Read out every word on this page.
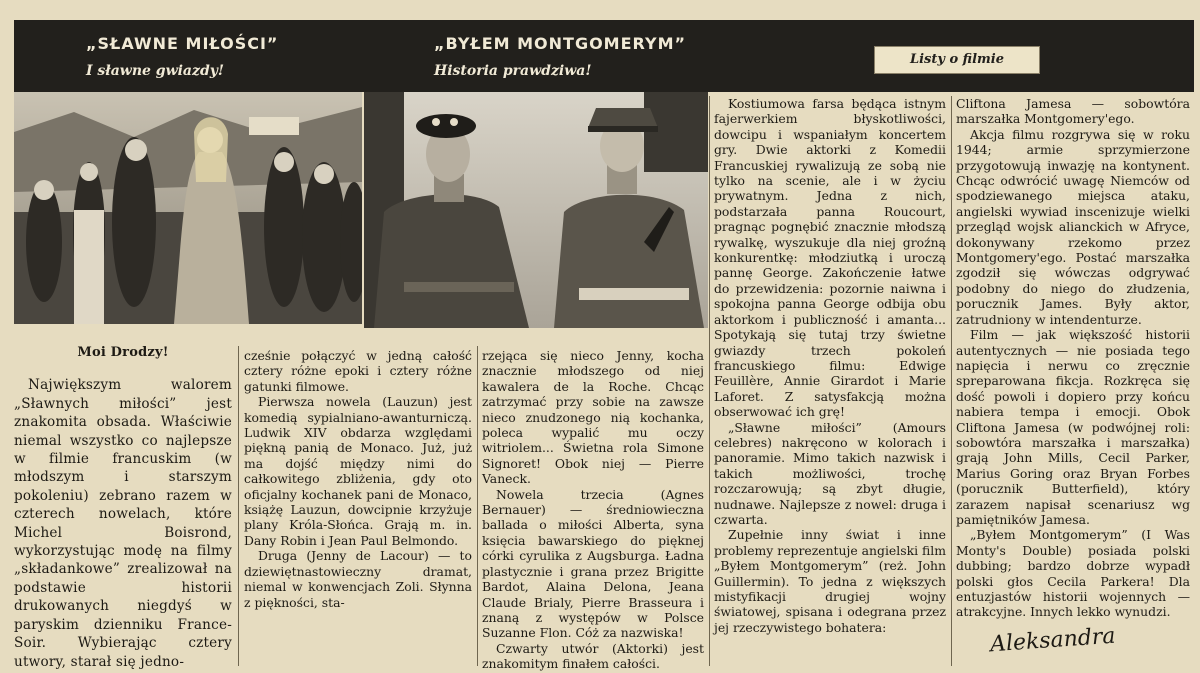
„SŁAWNE MIŁOŚCI”
I sławne gwiazdy!
„BYŁEM MONTGOMERYM”
Historia prawdziwa!
Listy o filmie

Moi Drodzy!

Największym walorem „Sławnych miłości” jest znakomita obsada. Właściwie niemal wszystko co najlepsze w filmie francuskim (w młodszym i starszym pokoleniu) zebrano razem w czterech nowelach, które Michel Boisrond, wykorzystując modę na filmy „składankowe” zrealizował na podstawie historii drukowanych niegdyś w paryskim dzienniku France-Soir. Wybierając cztery utwory, starał się jedno-

cześnie połączyć w jedną całość cztery różne epoki i cztery różne gatunki filmowe.

Pierwsza nowela (Lauzun) jest komedią sypialniano-awanturniczą. Ludwik XIV obdarza względami piękną panią de Monaco. Już, już ma dojść między nimi do całkowitego zbliżenia, gdy oto oficjalny kochanek pani de Monaco, książę Lauzun, dowcipnie krzyżuje plany Króla-Słońca. Grają m. in. Dany Robin i Jean Paul Belmondo.

Druga (Jenny de Lacour) — to dziewiętnastowieczny dramat, niemal w konwencjach Zoli. Słynna z piękności, sta-

rzejąca się nieco Jenny, kocha znacznie młodszego od niej kawalera de la Roche. Chcąc zatrzymać przy sobie na zawsze nieco znudzonego nią kochanka, poleca wypalić mu oczy witriolem... Świetna rola Simone Signoret! Obok niej — Pierre Vaneck.

Nowela trzecia (Agnes Bernauer) — średniowieczna ballada o miłości Alberta, syna księcia bawarskiego do pięknej córki cyrulika z Augsburga. Ładna plastycznie i grana przez Brigitte Bardot, Alaina Delona, Jeana Claude Brialy, Pierre Brasseura i znaną z występów w Polsce Suzanne Flon. Cóż za nazwiska!

Czwarty utwór (Aktorki) jest znakomitym finałem całości.

Kostiumowa farsa będąca istnym fajerwerkiem błyskotliwości, dowcipu i wspaniałym koncertem gry. Dwie aktorki z Komedii Francuskiej rywalizują ze sobą nie tylko na scenie, ale i w życiu prywatnym. Jedna z nich, podstarzała panna Roucourt, pragnąc pognębić znacznie młodszą rywalkę, wyszukuje dla niej groźną konkurentkę: młodziutką i uroczą pannę George. Zakończenie łatwe do przewidzenia: pozornie naiwna i spokojna panna George odbija obu aktorkom i publiczność i amanta... Spotykają się tutaj trzy świetne gwiazdy trzech pokoleń francuskiego filmu: Edwige Feuillère, Annie Girardot i Marie Laforet. Z satysfakcją można obserwować ich grę!

„Sławne miłości” (Amours celebres) nakręcono w kolorach i panoramie. Mimo takich nazwisk i takich możliwości, trochę rozczarowują; są zbyt długie, nudnawe. Najlepsze z nowel: druga i czwarta.

Zupełnie inny świat i inne problemy reprezentuje angielski film „Byłem Montgomerym” (reż. John Guillermin). To jedna z większych mistyfikacji drugiej wojny światowej, spisana i odegrana przez jej rzeczywistego bohatera:

Cliftona Jamesa — sobowtóra marszałka Montgomery'ego.

Akcja filmu rozgrywa się w roku 1944; armie sprzymierzone przygotowują inwazję na kontynent. Chcąc odwrócić uwagę Niemców od spodziewanego miejsca ataku, angielski wywiad inscenizuje wielki przegląd wojsk alianckich w Afryce, dokonywany rzekomo przez Montgomery'ego. Postać marszałka zgodził się wówczas odgrywać podobny do niego do złudzenia, porucznik James. Były aktor, zatrudniony w intendenturze.

Film — jak większość historii autentycznych — nie posiada tego napięcia i nerwu co zręcznie spreparowana fikcja. Rozkręca się dość powoli i dopiero przy końcu nabiera tempa i emocji. Obok Cliftona Jamesa (w podwójnej roli: sobowtóra marszałka i marszałka) grają John Mills, Cecil Parker, Marius Goring oraz Bryan Forbes (porucznik Butterfield), który zarazem napisał scenariusz wg pamiętników Jamesa.

„Byłem Montgomerym” (I Was Monty's Double) posiada polski dubbing; bardzo dobrze wypadł polski głos Cecila Parkera! Dla entuzjastów historii wojennych — atrakcyjne. Innych lekko wynudzi.

Aleksandra
